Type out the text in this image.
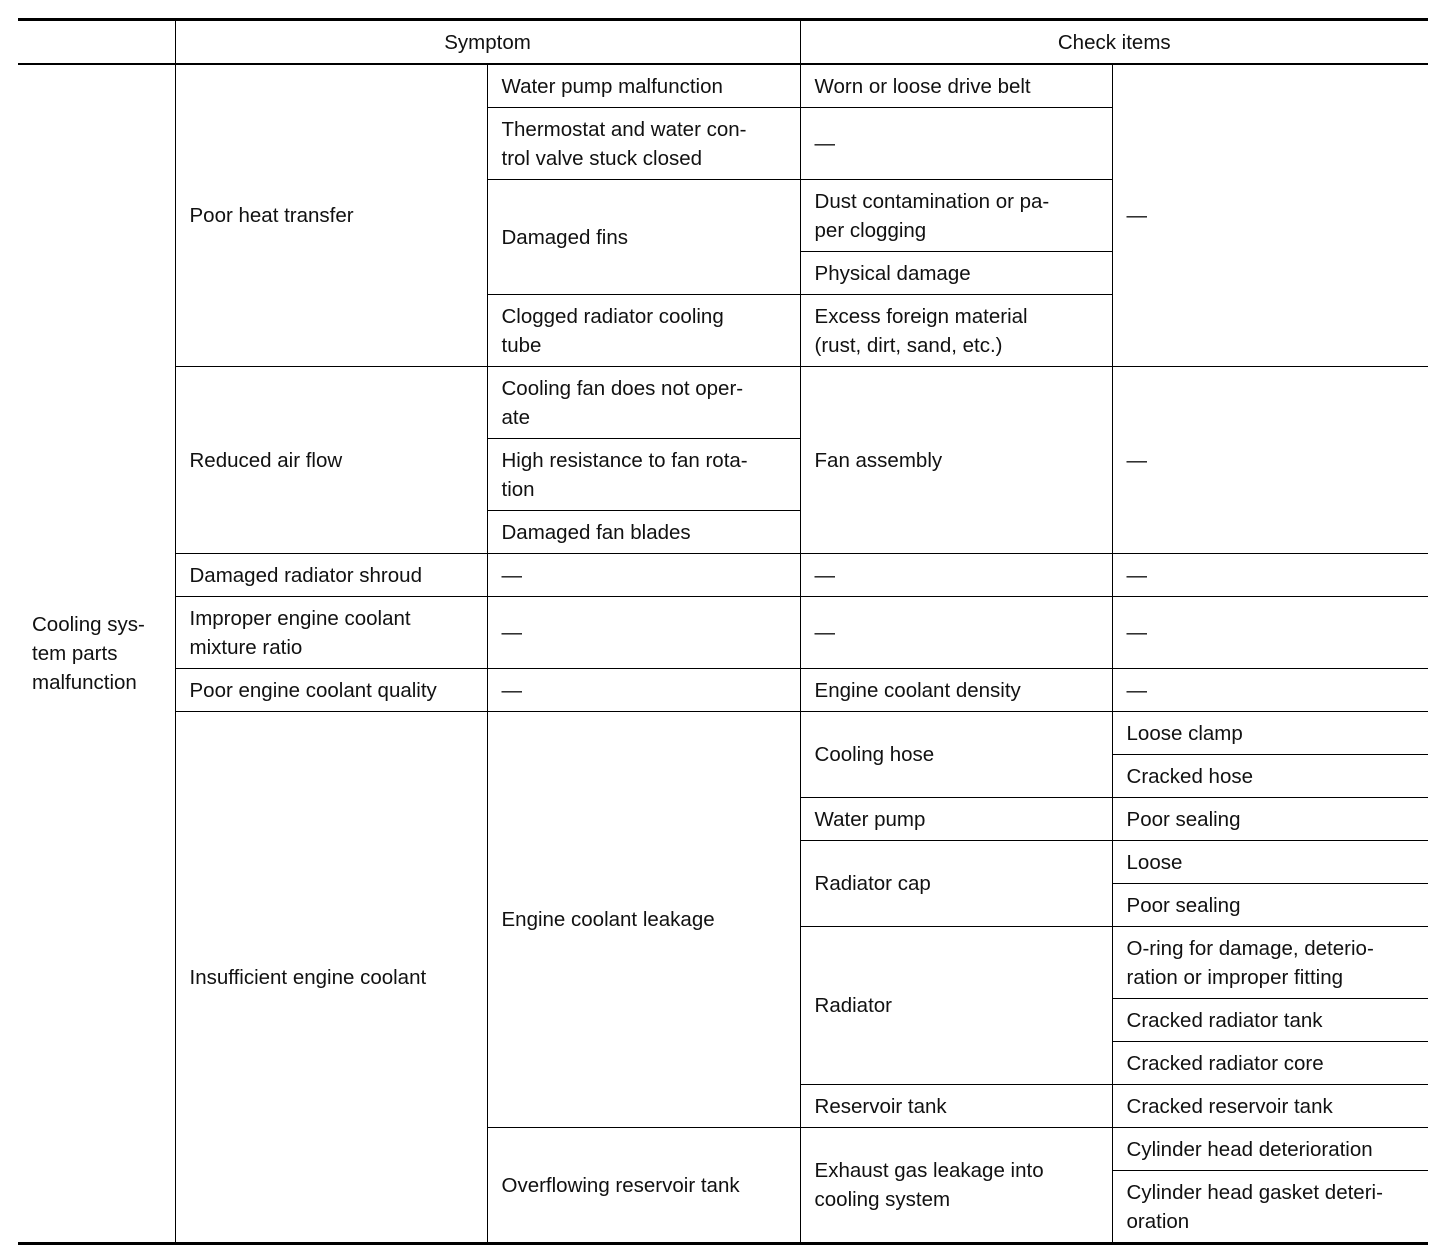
	Symptom		Check items	
Cooling sys-
tem parts
malfunction	Poor heat transfer	Water pump malfunction	Worn or loose drive belt	—
		Thermostat and water con-
trol valve stuck closed	—	
		Damaged fins	Dust contamination or pa-
per clogging	
			Physical damage	
		Clogged radiator cooling
tube	Excess foreign material
(rust, dirt, sand, etc.)	
	Reduced air flow	Cooling fan does not oper-
ate	Fan assembly	—
		High resistance to fan rota-
tion		
		Damaged fan blades		
	Damaged radiator shroud	—	—	—
	Improper engine coolant
mixture ratio	—	—	—
	Poor engine coolant quality	—	Engine coolant density	—
	Insufficient engine coolant	Engine coolant leakage	Cooling hose	Loose clamp
				Cracked hose
			Water pump	Poor sealing
			Radiator cap	Loose
				Poor sealing
			Radiator	O-ring for damage, deterio-
ration or improper fitting
				Cracked radiator tank
				Cracked radiator core
			Reservoir tank	Cracked reservoir tank
		Overflowing reservoir tank	Exhaust gas leakage into
cooling system	Cylinder head deterioration
				Cylinder head gasket deteri-
oration
